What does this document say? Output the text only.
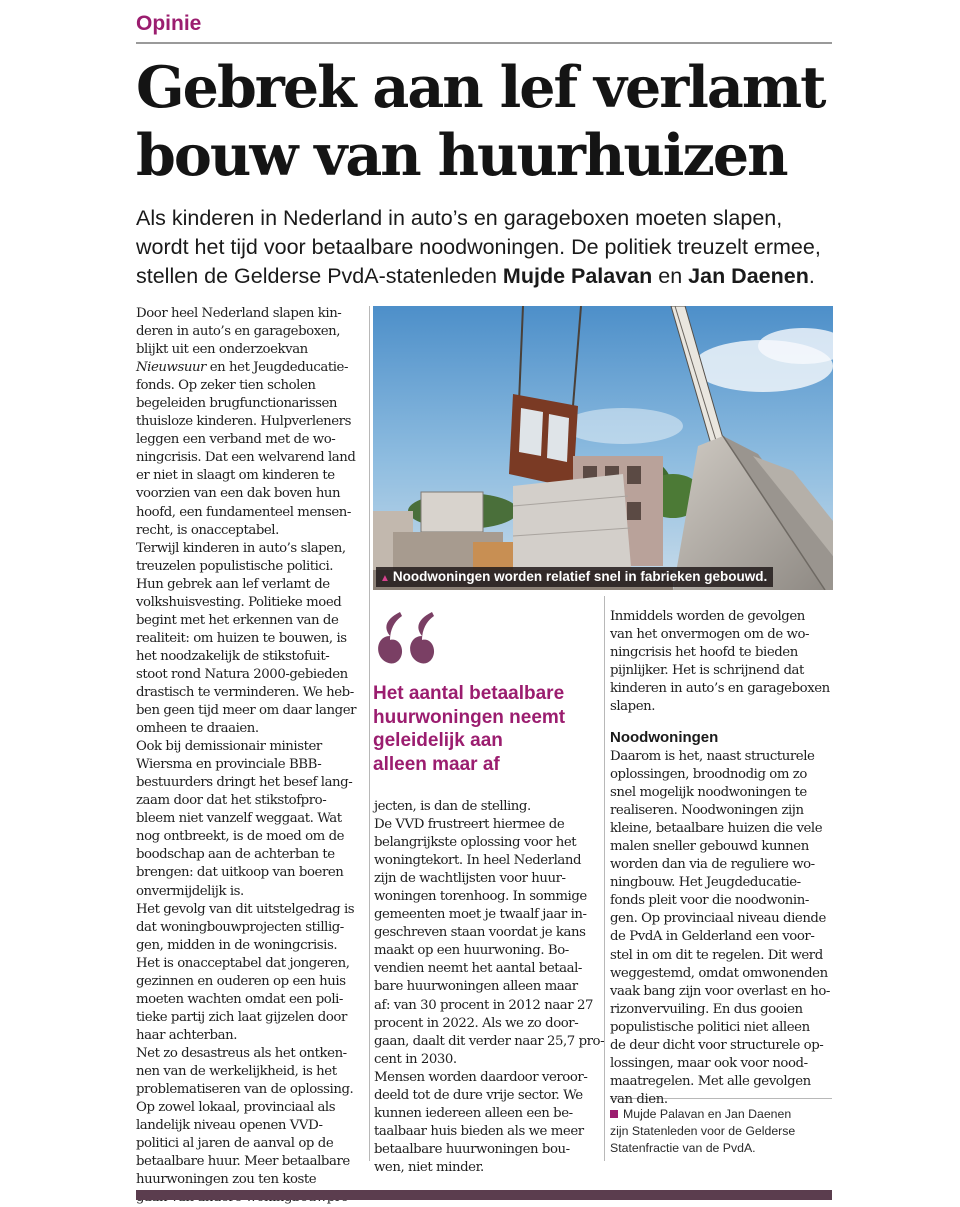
Opinie
Gebrek aan lef verlamt
bouw van huurhuizen

Als kinderen in Nederland in auto’s en garageboxen moeten slapen,
wordt het tijd voor betaalbare noodwoningen. De politiek treuzelt ermee,
stellen de Gelderse PvdA-statenleden Mujde Palavan en Jan Daenen.

Door heel Nederland slapen kin-
deren in auto’s en garageboxen,
blijkt uit een onderzoekvan
Nieuwsuur en het Jeugdeducatie-
fonds. Op zeker tien scholen
begeleiden brugfunctionarissen
thuisloze kinderen. Hulpverleners
leggen een verband met de wo-
ningcrisis. Dat een welvarend land
er niet in slaagt om kinderen te
voorzien van een dak boven hun
hoofd, een fundamenteel mensen-
recht, is onacceptabel.
Terwijl kinderen in auto’s slapen,
treuzelen populistische politici.
Hun gebrek aan lef verlamt de
volkshuisvesting. Politieke moed
begint met het erkennen van de
realiteit: om huizen te bouwen, is
het noodzakelijk de stikstofuit-
stoot rond Natura 2000-gebieden
drastisch te verminderen. We heb-
ben geen tijd meer om daar langer
omheen te draaien.
Ook bij demissionair minister
Wiersma en provinciale BBB-
bestuurders dringt het besef lang-
zaam door dat het stikstofpro-
bleem niet vanzelf weggaat. Wat
nog ontbreekt, is de moed om de
boodschap aan de achterban te
brengen: dat uitkoop van boeren
onvermijdelijk is.
Het gevolg van dit uitstelgedrag is
dat woningbouwprojecten stillig-
gen, midden in de woningcrisis.
Het is onacceptabel dat jongeren,
gezinnen en ouderen op een huis
moeten wachten omdat een poli-
tieke partij zich laat gijzelen door
haar achterban.
Net zo desastreus als het ontken-
nen van de werkelijkheid, is het
problematiseren van de oplossing.
Op zowel lokaal, provinciaal als
landelijk niveau openen VVD-
politici al jaren de aanval op de
betaalbare huur. Meer betaalbare
huurwoningen zou ten koste
▲ Noodwoningen worden relatief snel in fabrieken gebouwd.
Het aantal betaalbare
huurwoningen neemt
geleidelijk aan
alleen maar af
jecten, is dan de stelling.
De VVD frustreert hiermee de
belangrijkste oplossing voor het
woningtekort. In heel Nederland
zijn de wachtlijsten voor huur-
woningen torenhoog. In sommige
gemeenten moet je twaalf jaar in-
geschreven staan voordat je kans
maakt op een huurwoning. Bo-
vendien neemt het aantal betaal-
bare huurwoningen alleen maar
af: van 30 procent in 2012 naar 27
procent in 2022. Als we zo door-
gaan, daalt dit verder naar 25,7 pro-
cent in 2030.
Mensen worden daardoor veroor-
deeld tot de dure vrije sector. We
kunnen iedereen alleen een be-
taalbaar huis bieden als we meer
betaalbare huurwoningen bou-
wen, niet minder.
Inmiddels worden de gevolgen
van het onvermogen om de wo-
ningcrisis het hoofd te bieden
pijnlijker. Het is schrijnend dat
kinderen in auto’s en garageboxen
slapen.
Noodwoningen
Daarom is het, naast structurele
oplossingen, broodnodig om zo
snel mogelijk noodwoningen te
realiseren. Noodwoningen zijn
kleine, betaalbare huizen die vele
malen sneller gebouwd kunnen
worden dan via de reguliere wo-
ningbouw. Het Jeugdeducatie-
fonds pleit voor die noodwonin-
gen. Op provinciaal niveau diende
de PvdA in Gelderland een voor-
stel in om dit te regelen. Dit werd
weggestemd, omdat omwonenden
vaak bang zijn voor overlast en ho-
rizonvervuiling. En dus gooien
populistische politici niet alleen
de deur dicht voor structurele op-
lossingen, maar ook voor nood-
maatregelen. Met alle gevolgen
van dien.
Mujde Palavan en Jan Daenen
zijn Statenleden voor de Gelderse
Statenfractie van de PvdA.
